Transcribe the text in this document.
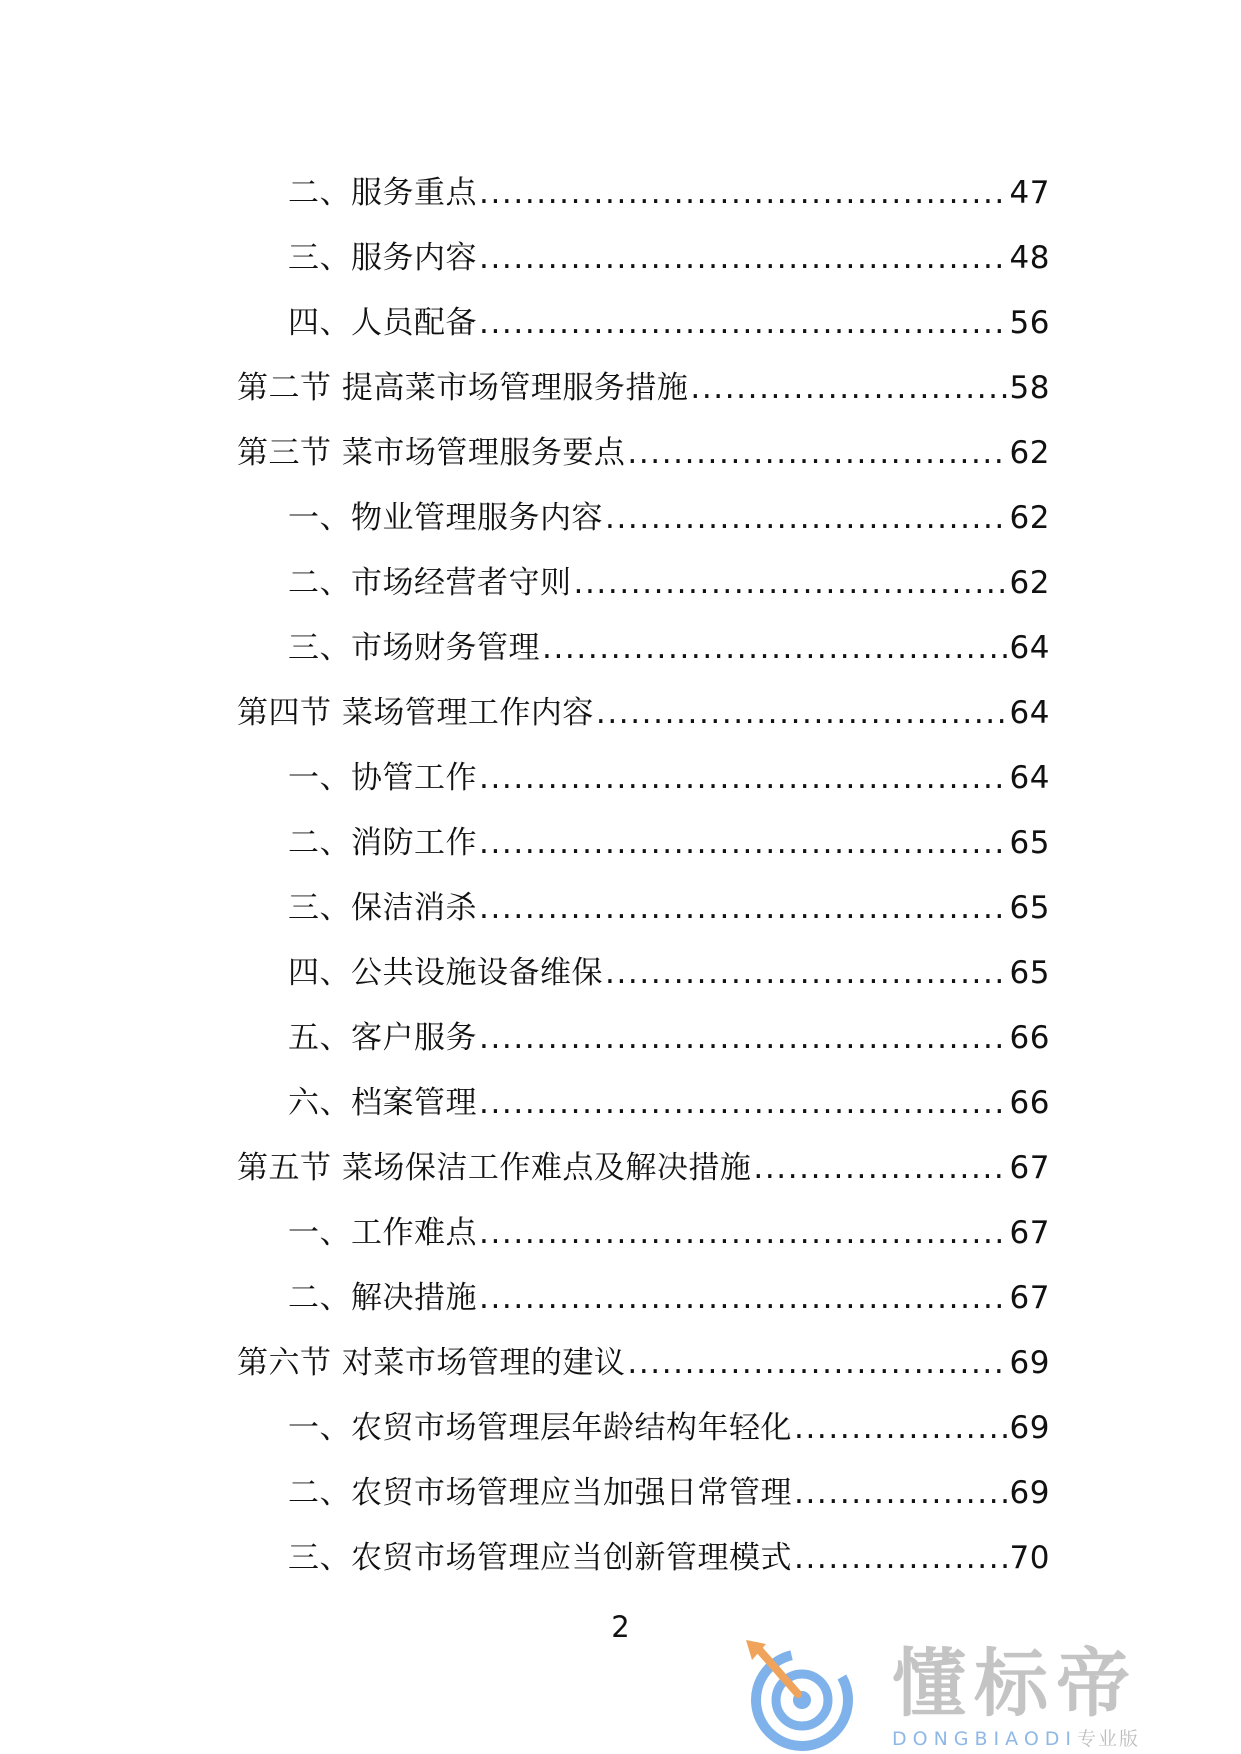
二、服务重点 .....	47
三、服务内容 .....	48
四、人员配备 .....	56
第二节 提高菜市场管理服务措施 .....	58
第三节 菜市场管理服务要点 .....	62
一、物业管理服务内容 .....	62
二、市场经营者守则 .....	62
三、市场财务管理 .....	64
第四节 菜场管理工作内容 .....	64
一、协管工作 .....	64
二、消防工作 .....	65
三、保洁消杀 .....	65
四、公共设施设备维保 .....	65
五、客户服务 .....	66
六、档案管理 .....	66
第五节 菜场保洁工作难点及解决措施 .....	67
一、工作难点 .....	67
二、解决措施 .....	67
第六节 对菜市场管理的建议 .....	69
一、农贸市场管理层年龄结构年轻化 .....	69
二、农贸市场管理应当加强日常管理 .....	69
三、农贸市场管理应当创新管理模式 .....	70
2
懂标帝
DONGBIAODI专业版
